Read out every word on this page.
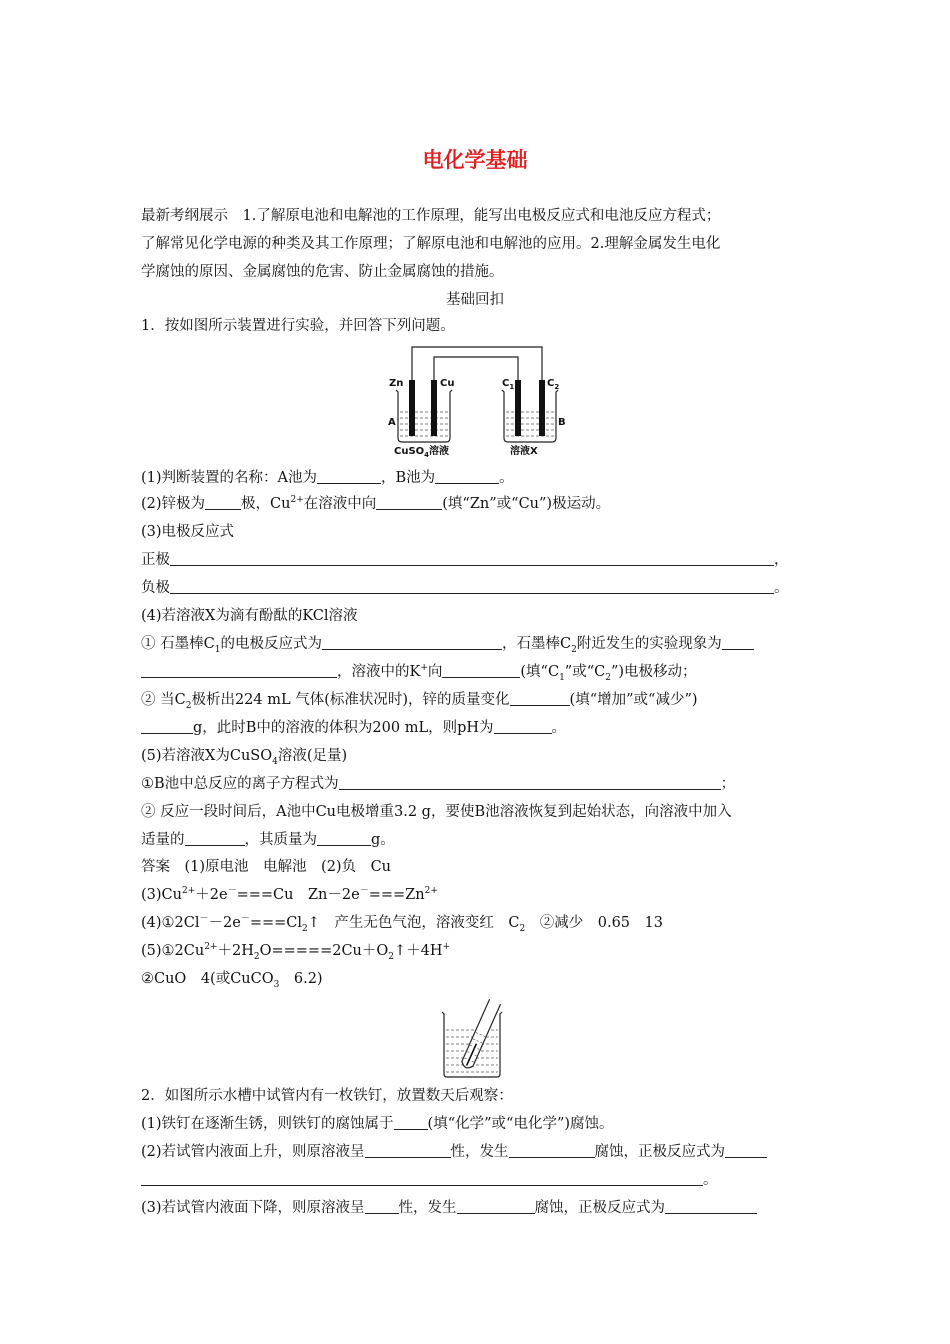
电化学基础
最新考纲展示　1.了解原电池和电解池的工作原理，能写出电极反应式和电池反应方程式；
了解常见化学电源的种类及其工作原理；了解原电池和电解池的应用。2.理解金属发生电化
学腐蚀的原因、金属腐蚀的危害、防止金属腐蚀的措施。
基础回扣
1．按如图所示装置进行实验，并回答下列问题。
Zn	Cu	$C_1$	$C_2$
A	B
CuSO$_4$溶液	溶液X
(1)判断装置的名称：A池为	，B池为	。
(2)锌极为 极，$Cu^{2+}$在溶液中向	(填“Zn”或“Cu”)极运动。
(3)电极反应式
正极	，
负极	。
(4)若溶液X为滴有酚酞的KCl溶液
① 石墨棒$C_1$的电极反应式为	，石墨棒$C_2$附近发生的实验现象为
，溶液中的K+向	(填“$C_1$”或“$C_2$”)电极移动；
② 当$C_2$极析出224 mL 气体(标准状况时)，锌的质量变化	(填“增加”或“减少”)
g，此时B中的溶液的体积为200 mL，则pH为	。
(5)若溶液X为CuSO$_4$溶液(足量)
①B池中总反应的离子方程式为	；
② 反应一段时间后，A池中Cu电极增重3.2 g，要使B池溶液恢复到起始状态，向溶液中加入
适量的	，其质量为	g。
答案　(1)原电池　电解池　(2)负　Cu
$(3)Cu^{2+}+2e^-===Cu$　$Zn-2e^-===Zn^{2+}$
$(4)①2Cl^--2e^-===Cl_2↑$　产生无色气泡，溶液变红　$C_2$　②减少　0.65　13
$(5)①2Cu^{2+}+2H_2O=====2Cu+O_2↑+4H^+$
②CuO　4(或CuCO$_3$　6.2)
2．如图所示水槽中试管内有一枚铁钉，放置数天后观察：
(1)铁钉在逐渐生锈，则铁钉的腐蚀属于 (填“化学”或“电化学”)腐蚀。
(2)若试管内液面上升，则原溶液呈	性，发生	腐蚀，正极反应式为
。
(3)若试管内液面下降，则原溶液呈 性，发生	腐蚀，正极反应式为
